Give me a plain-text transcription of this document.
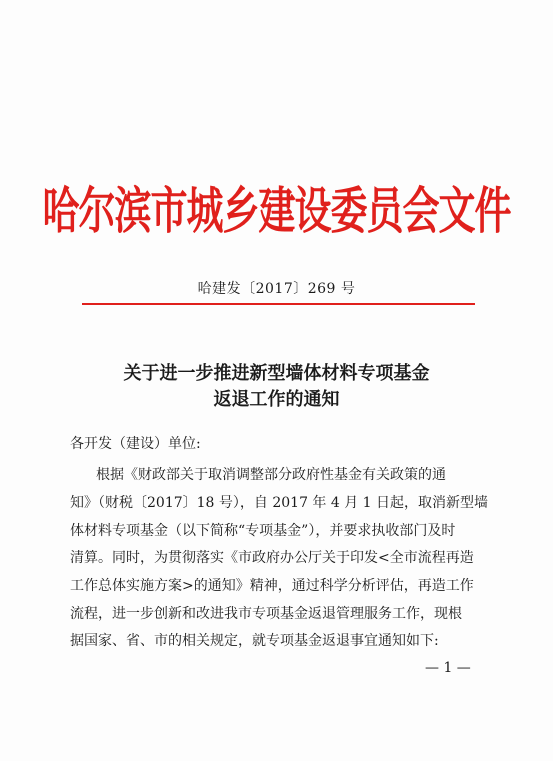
哈尔滨市城乡建设委员会文件
哈建发〔2017〕269 号
关于进一步推进新型墙体材料专项基金
返退工作的通知
各开发（建设）单位:
根据《财政部关于取消调整部分政府性基金有关政策的通
知》（财税〔2017〕18 号），自 2017 年 4 月 1 日起，取消新型墙
体材料专项基金（以下简称“专项基金”），并要求执收部门及时
清算。同时，为贯彻落实《市政府办公厅关于印发<全市流程再造
工作总体实施方案>的通知》精神，通过科学分析评估，再造工作
流程，进一步创新和改进我市专项基金返退管理服务工作，现根
据国家、省、市的相关规定，就专项基金返退事宜通知如下:
— 1 —
